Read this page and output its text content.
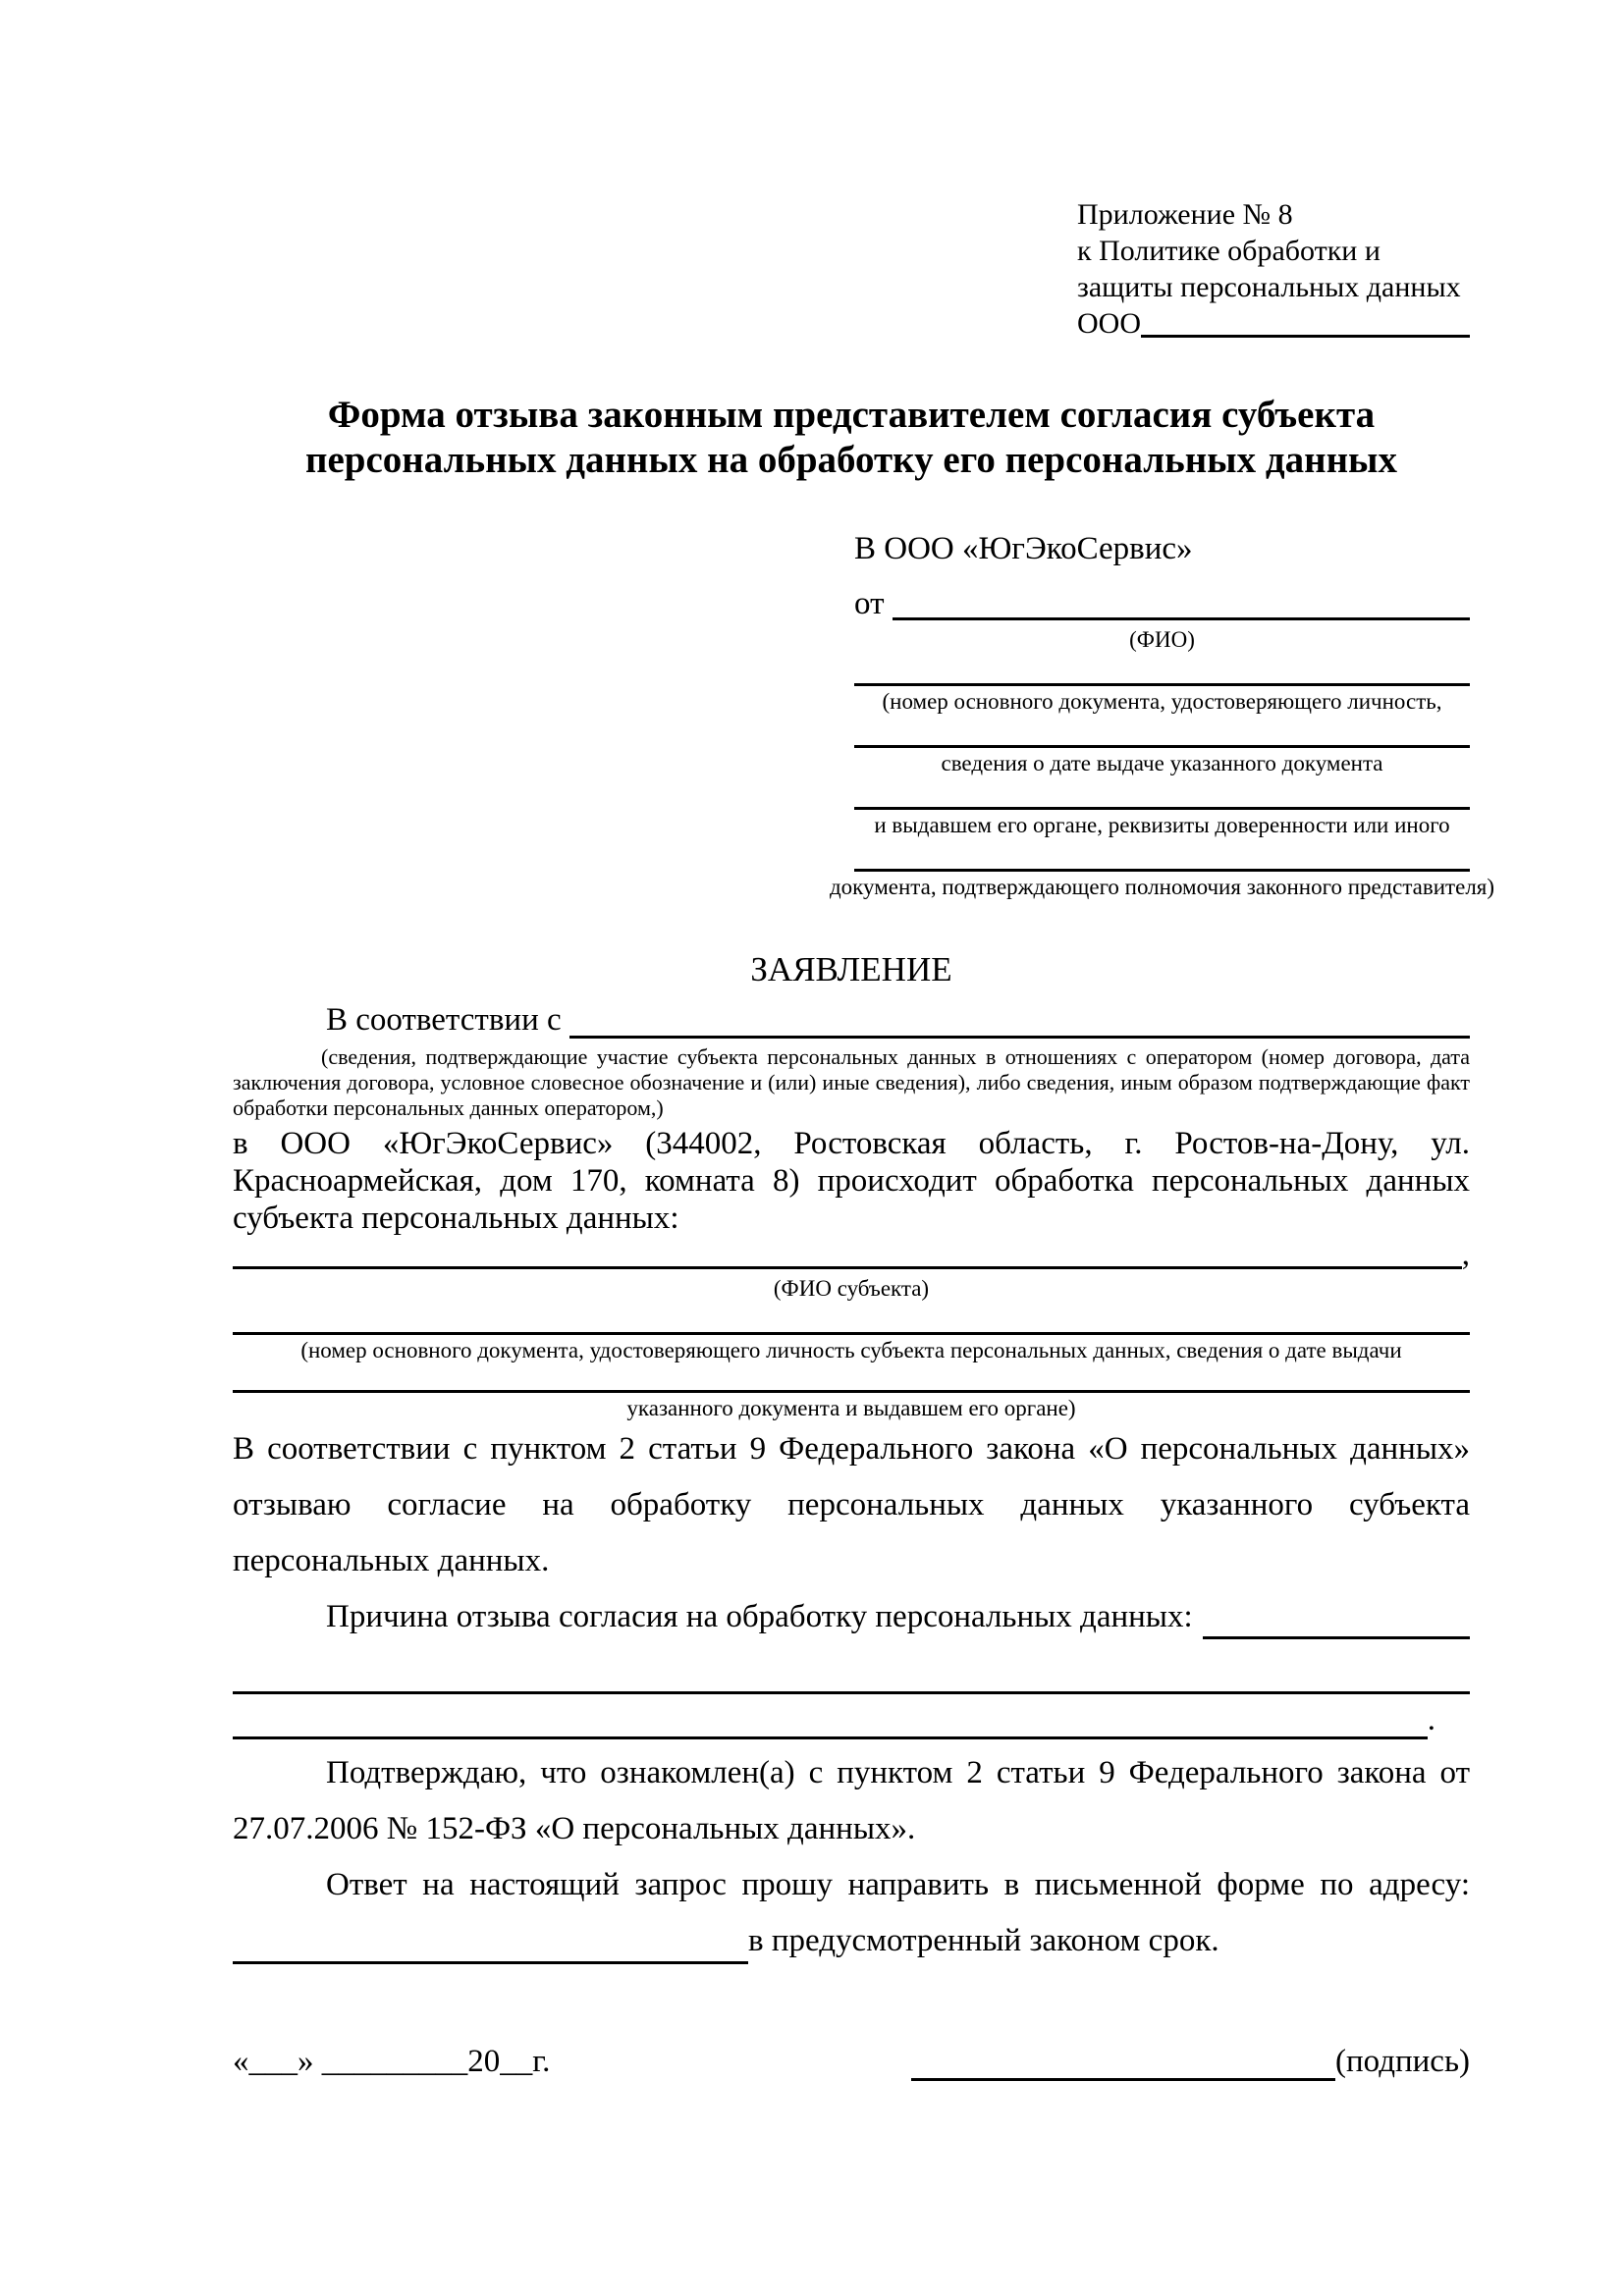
Приложение № 8
к Политике обработки и
защиты персональных данных
ООО
Форма отзыва законным представителем согласия субъекта персональных данных на обработку его персональных данных
В ООО «ЮгЭкоСервис»
от
(ФИО)
(номер основного документа, удостоверяющего личность,
сведения о дате выдаче указанного документа
и выдавшем его органе, реквизиты доверенности или иного
документа, подтверждающего полномочия законного представителя)
ЗАЯВЛЕНИЕ
В соответствии с
(сведения, подтверждающие участие субъекта персональных данных в отношениях с оператором (номер договора, дата заключения договора, условное словесное обозначение и (или) иные сведения), либо сведения, иным образом подтверждающие факт обработки персональных данных оператором,)
в ООО «ЮгЭкоСервис» (344002, Ростовская область, г. Ростов-на-Дону, ул. Красноармейская, дом 170, комната 8) происходит обработка персональных данных субъекта персональных данных:
,
(ФИО субъекта)
(номер основного документа, удостоверяющего личность субъекта персональных данных, сведения о дате выдачи
указанного документа и выдавшем его органе)
В соответствии с пунктом 2 статьи 9 Федерального закона «О персональных данных» отзываю согласие на обработку персональных данных указанного субъекта персональных данных.
Причина отзыва согласия на обработку персональных данных:
.
Подтверждаю, что ознакомлен(а) с пунктом 2 статьи 9 Федерального закона от 27.07.2006 № 152-ФЗ «О персональных данных».
Ответ на настоящий запрос прошу направить в письменной форме по адресу:
в предусмотренный законом срок.
«___» _________20__г.	(подпись)
